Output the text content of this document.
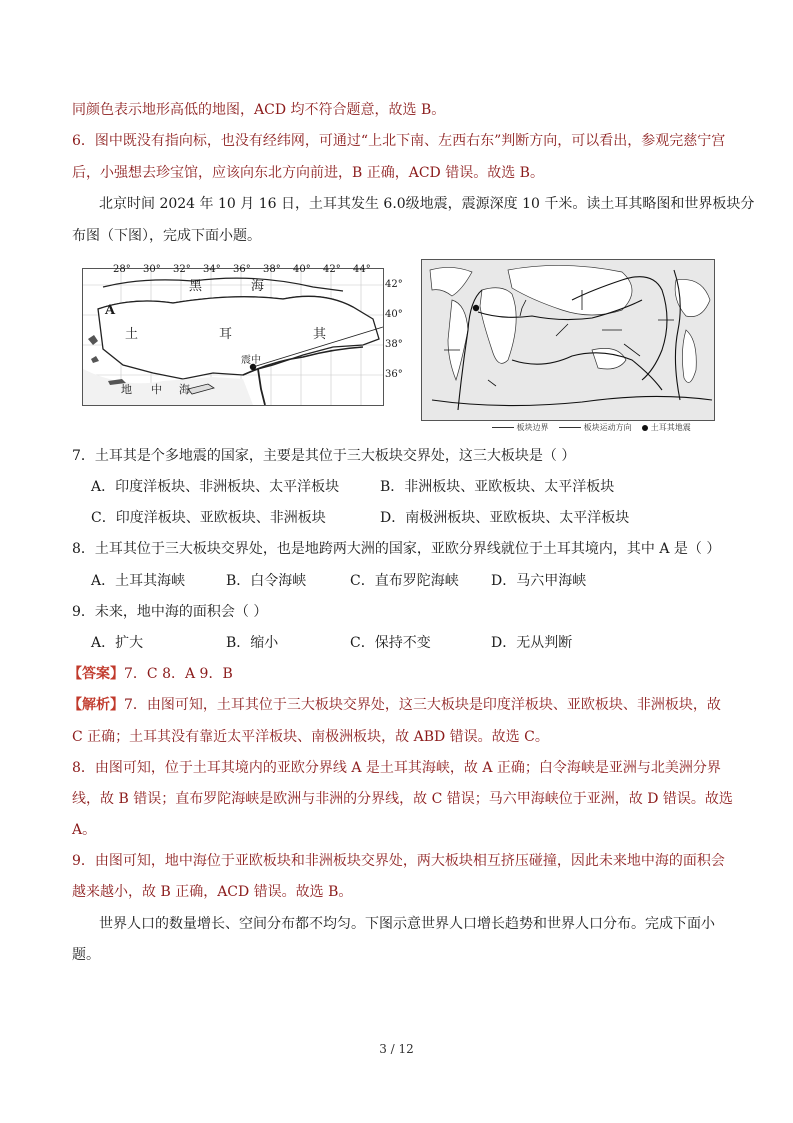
同颜色表示地形高低的地图，ACD 均不符合题意，故选 B。
6．图中既没有指向标，也没有经纬网，可通过“上北下南、左西右东”判断方向，可以看出，参观完慈宁宫
后，小强想去珍宝馆，应该向东北方向前进，B 正确，ACD 错误。故选 B。
北京时间 2024 年 10 月 16 日，土耳其发生 6.0级地震，震源深度 10 千米。读土耳其略图和世界板块分
布图（下图），完成下面小题。
28° 30° 32° 34° 36° 38° 40° 42° 44°
42°
40°
38°
36°
黑	海
土	耳	其
A
震中
地 中 海
板块边界	板块运动方向 土耳其地震
7．土耳其是个多地震的国家，主要是其位于三大板块交界处，这三大板块是（ ）
A．印度洋板块、非洲板块、太平洋板块	B．非洲板块、亚欧板块、太平洋板块
C．印度洋板块、亚欧板块、非洲板块	D．南极洲板块、亚欧板块、太平洋板块
8．土耳其位于三大板块交界处，也是地跨两大洲的国家，亚欧分界线就位于土耳其境内，其中 A 是（ ）
A．土耳其海峡	B．白令海峡	C．直布罗陀海峡 D．马六甲海峡
9．未来，地中海的面积会（ ）
A．扩大	B．缩小	C．保持不变	D．无从判断
【答案】7．C 8．A 9．B
【解析】7．由图可知，土耳其位于三大板块交界处，这三大板块是印度洋板块、亚欧板块、非洲板块，故
C 正确；土耳其没有靠近太平洋板块、南极洲板块，故 ABD 错误。故选 C。
8．由图可知，位于土耳其境内的亚欧分界线 A 是土耳其海峡，故 A 正确；白令海峡是亚洲与北美洲分界
线，故 B 错误；直布罗陀海峡是欧洲与非洲的分界线，故 C 错误；马六甲海峡位于亚洲，故 D 错误。故选
A。
9．由图可知，地中海位于亚欧板块和非洲板块交界处，两大板块相互挤压碰撞，因此未来地中海的面积会
越来越小，故 B 正确，ACD 错误。故选 B。
世界人口的数量增长、空间分布都不均匀。下图示意世界人口增长趋势和世界人口分布。完成下面小
题。
3 / 12
